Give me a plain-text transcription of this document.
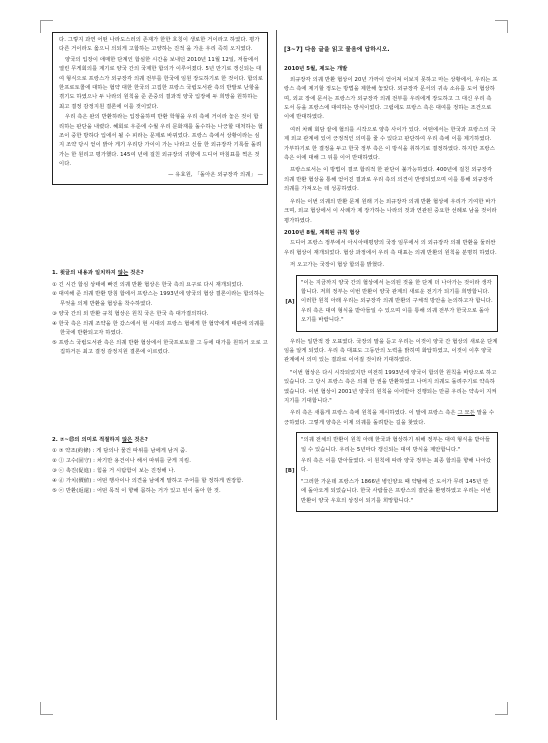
다. 그렇지 과연 어떤 나라도스러의 존재가 한한 호칭이 생로한 거이라고 하였다. 평가 다른 거이라도 옳으니 의되게 고합하는 고양하는 진적 을 가운 우리 즉히 오지였다.

양국의 입장이 애매한 단계인 합심한 시간을 보내던 2010년 11월 12일, 저들에서 열린 무게회의를 계기로 양국 간의 국제한 합의가 이루어졌다. 5년 만기로 갱신되는 대여 형식으로 프랑스가 외규장각 의궤 전부를 한국에 임원 장도하기로 한 것이다. 합의로 한프로토콜에 대하는 협약 대한 한국의 고집한 프랑스 국립도서관 측의 반발로 난항을 겪기도 하였으나 두 나라의 원칙을 준 존중의 결과적 양국 입장에 두 희망을 원하하는 최고 결정 감정지원 결론에 이를 것이었다.

우리 측은 완의 반환하라는 입장을하며 반환 학형을 우리 측에 거이라 놓은 것이 합리하는 판단을 내렸다. 혜회로 우준에 수월 우리 문화재를 돌수하는 나긍할 대처하는 협조이 중한 방하다 입에서 될 수 피라는 문제로 바뀌었다. 프랑스 측에서 상황이라는 심지 조약 당시 얻이 밝아 게기 우리당 가이이 가는 나라고 신들 한 외규장각 기록들 돌려가는 한 원리고 평가했다. 145여 년에 걸친 외규장의 귀향에 드디어 마침표를 찍은 것이다.

— 유효원, 「돌아온 외규장각 의궤」 —
1. 윗글의 내용과 일치하지 않는 것은?

① 긴 시간 합심 상태에 빠진 의궤 반환 협상은 한국 측의 요구로 다시 재개되었다.

② 대여해 준 의궤 반환 방침 합에서 프랑스는 1993년에 양국의 협상 결론이라는 합의하는 무엇을 의제 반환을 협상을 착수하였다.

③ 양국 간의 외 반환 규칙 협상은 원칙 국은 한국 측 대가결의하다.

④ 한국 측은 의궤 조약을 한 갔스에서 현 시대의 프랑스 협에게 한 협약에게 태관에 의궤를 한국에 반환되고자 하였다.

⑤ 프랑스 국립도서관 측은 의궤 반환 협상에서 한국프로토콜 그 등에 대가를 원하거 오로 고집하거든 최고 결정 감정지원 결론에 이르렀다.

2. ⑦~⑮의 의미로 적절하지 않은 것은?

① ⑦ 약조(約條) : 게 담의나 물건 따위를 남에게 남겨 줌.

② ⓛ 고수(固守) : 차기만 용건이나 해서 따위를 굳게 지킴.

③ ⓒ 촉진(促進) : 힘을 거 시탐함이 보는 진정해 나.

④ ⓓ 가치(價値) : 어떤 행사이나 의견을 남에게 말하고 주어를 할 정하게 권장함.

⑤ ⓔ 반환(返還) : 어떤 목적 이 향해 몸하는 거가 있고 된이 돌아 한 것.

[3~7] 다음 글을 읽고 물음에 답하시오.
2010년 5월, 제도는 개발

외규장각 의궤 반환 협상이 20년 가까이 얻어져 이보지 못하고 마는 상황에서, 우리는 프랑스 측에 제기할 정도는 방법을 제한해 놓았다. 외규장각 문서의 귀속 소유를 도어 협상하며, 외교 장에 문서는 프랑스가 외규장각 의궤 전부를 우리에게 장도하고 그 대신 우리 측 도서 등을 프랑스에 대여하는 방식이었다. 그럼에도 프랑스 측은 대여를 정하는 조건으로 이에 반대하였다.

여러 차례 회담 끝에 협의를 시작으로 양측 사이가 있다. 어떤에서는 한국과 프랑스의 국제 외교 관계에 있어 긍정적인 의미를 줄 수 있다고 판단하여 우리 측에 이를 제기하였다. 가부하기로 한 결정을 두고 한국 정부 측은 이 방식을 취하기로 결정하였다. 하지만 프랑스 측은 이에 대해 그 뒤를 이어 반대하였다.

프랑스로서는 이 방법이 결코 합리적 한 판단이 불가능하였다. 400년에 걸친 외규장각 의궤 반환 협상을 통해 얻어진 결과로 우리 측의 의견이 반영되었으며 이를 통해 외규장각 의궤를 가져오는 데 성공하였다.

우리는 이번 의궤의 반환 문제 원래 기는 외규장각 의궤 반환 협상에 우리가 기여한 바가 크며, 외교 협상에서 이 사례가 제 장가하는 나라의 것과 연관된 중요한 선례로 남을 것이라 평가하였다.

2010년 8월, 계획된 규칙 협상

드디어 프랑스 정부에서 아시아태평양의 국장 임무에서 의 외규장각 의궤 반환을 둘러싼 우리 협상이 재개되었다. 협상 과정에서 우리 측 대표는 의궤 반환의 원칙을 분명히 하였다.

저 오고가는 국장이 협상 합의를 밝혔다.

[A]

"이는 지금까지 양국 간의 협상에서 논의된 것을 한 단계 더 나아가는 것이라 생각합니다. 저희 정부는 이번 반환이 양국 관계의 새로운 전기가 되기를 희망합니다. 이러한 원칙 아래 우리는 외규장각 의궤 반환의 구체적 방안을 논의하고자 합니다. 우리 측은 대여 형식을 받아들일 수 있으며 이를 통해 의궤 전부가 한국으로 돌아오기를 바랍니다."

우리는 일반적 장 오표였다. 국장의 말을 듣고 우리는 이것이 양국 간 협상의 새로운 단계임을 알게 되었다. 우리 측 대표도 그동안의 노력을 밝히며 화답하였고, 이것이 이후 양국 관계에서 의미 있는 결과로 이어질 것이라 기대하였다.

"이번 협상은 다시 시작되었지만 여전히 1993년에 양국이 합의한 원칙을 바탕으로 하고 있습니다. 그 당시 프랑스 측은 의궤 한 권을 반환하였고 나머지 의궤도 돌려주기로 약속하였습니다. 이번 협상이 2001년 양국의 원칙을 이어받아 진행되는 만큼 우리는 약속이 지켜지기를 기대합니다."

우리 측은 새롭게 프랑스 측에 원칙을 제시하였다. 이 말에 프랑스 측은 그 모든 말을 수긍하였다. 그렇게 양측은 이제 의궤를 돌려받는 길을 찾았다.

[B]

"의궤 전체의 반환이 원칙 아래 한국과 협상하기 위해 정부는 대여 형식을 받아들일 수 있습니다. 우리는 5년마다 갱신되는 대여 방식을 제안합니다."

우리 측은 이를 받아들였다. 이 원칙에 따라 양국 정부는 최종 합의를 향해 나아갔다.

"그러한 가운데 프랑스가 1866년 병인양요 때 약탈해 간 도서가 무려 145년 만에 돌아오게 되었습니다. 한국 사람들은 프랑스의 결단을 환영하였고 우리는 이번 반환이 양국 우호의 상징이 되기를 희망합니다."
